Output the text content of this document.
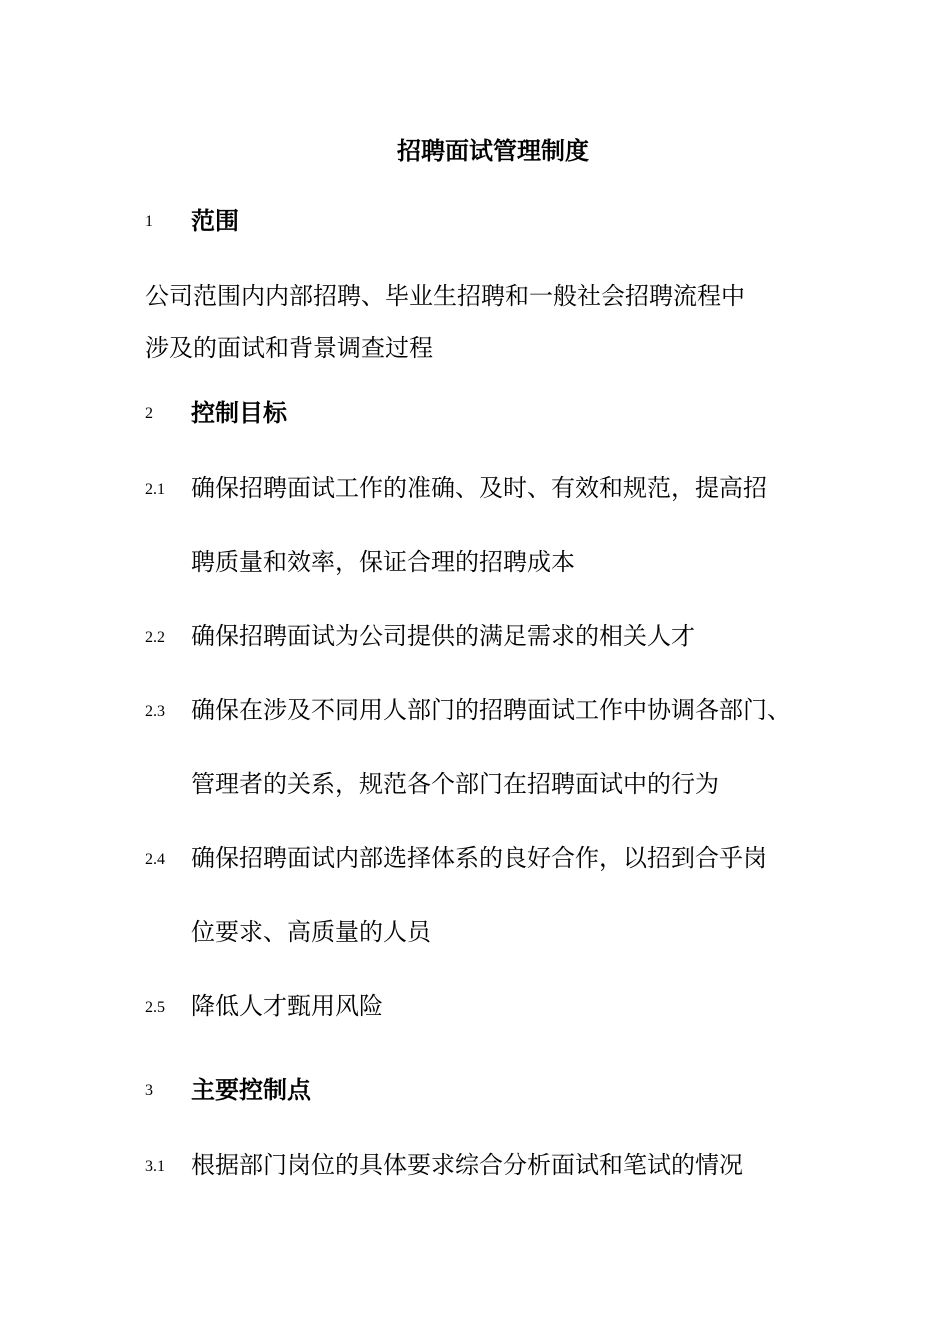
招聘面试管理制度
1 范围
公司范围内内部招聘、毕业生招聘和一般社会招聘流程中
涉及的面试和背景调查过程
2 控制目标
2.1 确保招聘面试工作的准确、及时、有效和规范，提高招
聘质量和效率，保证合理的招聘成本
2.2 确保招聘面试为公司提供的满足需求的相关人才
2.3 确保在涉及不同用人部门的招聘面试工作中协调各部门、
管理者的关系，规范各个部门在招聘面试中的行为
2.4 确保招聘面试内部选择体系的良好合作，以招到合乎岗
位要求、高质量的人员
2.5 降低人才甄用风险
3 主要控制点
3.1 根据部门岗位的具体要求综合分析面试和笔试的情况
